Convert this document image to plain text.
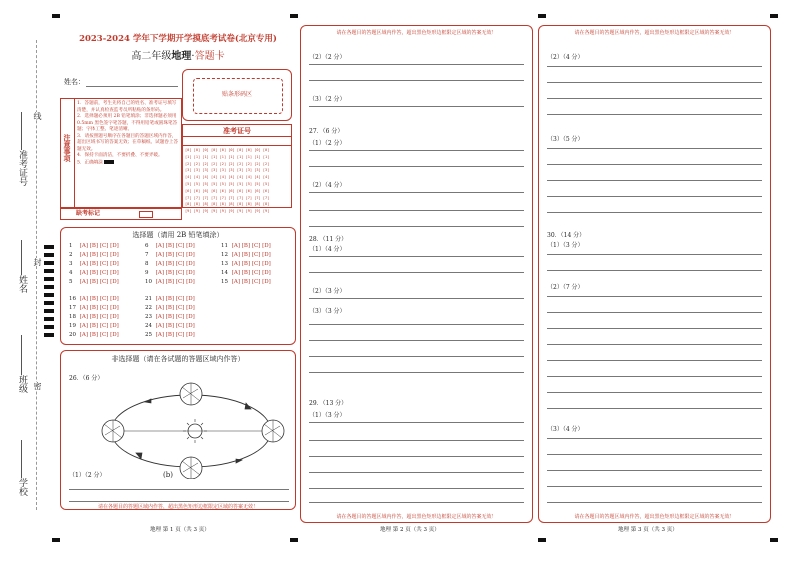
准考证号
姓名
班级
学校
线
封
密
2023-2024 学年下学期开学摸底考试卷(北京专用)
高二年级地理·答题卡
姓名：
贴条形码区
注意事项
1．答题前，考生先将自己的姓名、准考证号填写清楚，并认真检查监考员所粘贴的条形码。
2．选择题必须用 2B 铅笔填涂；非选择题必须用 0.5mm 黑色签字笔答题，不得用铅笔或圆珠笔答题；字体工整、笔迹清晰。
3．请按照题号顺序在各题目的答题区域内作答，超出区域书写的答案无效；在草稿纸、试题卷上答题无效。
4．保持卡面清洁，不要折叠、不要弄破。
5．正确填涂
准考证号
[0] [0] [0] [0] [0] [0] [0] [0] [0] [0]
[1] [1] [1] [1] [1] [1] [1] [1] [1] [1]
[2] [2] [2] [2] [2] [2] [2] [2] [2] [2]
[3] [3] [3] [3] [3] [3] [3] [3] [3] [3]
[4] [4] [4] [4] [4] [4] [4] [4] [4] [4]
[5] [5] [5] [5] [5] [5] [5] [5] [5] [5]
[6] [6] [6] [6] [6] [6] [6] [6] [6] [6]
[7] [7] [7] [7] [7] [7] [7] [7] [7] [7]
[8] [8] [8] [8] [8] [8] [8] [8] [8] [8]
[9] [9] [9] [9] [9] [9] [9] [9] [9] [9]

缺考标记
选择题（请用 2B 铅笔填涂）
1 [A] [B] [C] [D]
2 [A] [B] [C] [D]
3 [A] [B] [C] [D]
4 [A] [B] [C] [D]
5 [A] [B] [C] [D]
6 [A] [B] [C] [D]
7 [A] [B] [C] [D]
8 [A] [B] [C] [D]
9 [A] [B] [C] [D]
10 [A] [B] [C] [D]
11 [A] [B] [C] [D]
12 [A] [B] [C] [D]
13 [A] [B] [C] [D]
14 [A] [B] [C] [D]
15 [A] [B] [C] [D]
16 [A] [B] [C] [D]
17 [A] [B] [C] [D]
18 [A] [B] [C] [D]
19 [A] [B] [C] [D]
20 [A] [B] [C] [D]
21 [A] [B] [C] [D]
22 [A] [B] [C] [D]
23 [A] [B] [C] [D]
24 [A] [B] [C] [D]
25 [A] [B] [C] [D]
非选择题（请在各试题的答题区域内作答）
26．（6 分）
(b)
（1）（2 分）
请在各题目的答题区域内作答，超出黑色矩形边框限定区域的答案无效！
地理 第 1 页（共 3 页）
请在各题目的答题区域内作答，超出黑色矩形边框限定区域的答案无效！
（2）（2 分）
（3）（2 分）
27．（6 分）
（1）（2 分）
（2）（4 分）
28．（11 分）
（1）（4 分）
（2）（3 分）
（3）（3 分）
29．（13 分）
（1）（3 分）
请在各题目的答题区域内作答，超出黑色矩形边框限定区域的答案无效！
地理 第 2 页（共 3 页）
请在各题目的答题区域内作答，超出黑色矩形边框限定区域的答案无效！
（2）（4 分）
（3）（5 分）
30．（14 分）
（1）（3 分）
（2）（7 分）
（3）（4 分）
请在各题目的答题区域内作答，超出黑色矩形边框限定区域的答案无效！
地理 第 3 页（共 3 页）
